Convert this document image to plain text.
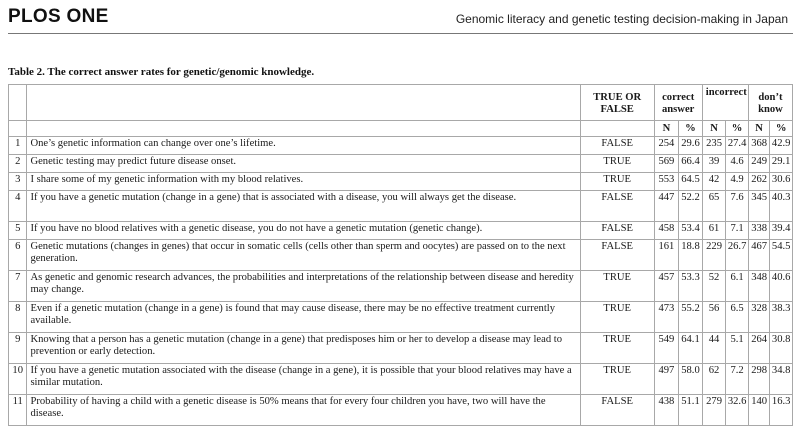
PLOS ONE	Genomic literacy and genetic testing decision-making in Japan
Table 2. The correct answer rates for genetic/genomic knowledge.
		TRUE OR FALSE	correct answer		incorrect		don’t know	
			N	%	N	%	N	%
1	One’s genetic information can change over one’s lifetime.	FALSE	254	29.6	235	27.4	368	42.9
2	Genetic testing may predict future disease onset.	TRUE	569	66.4	39	4.6	249	29.1
3	I share some of my genetic information with my blood relatives.	TRUE	553	64.5	42	4.9	262	30.6
4	If you have a genetic mutation (change in a gene) that is associated with a disease, you will always get the disease.	FALSE	447	52.2	65	7.6	345	40.3
5	If you have no blood relatives with a genetic disease, you do not have a genetic mutation (genetic change).	FALSE	458	53.4	61	7.1	338	39.4
6	Genetic mutations (changes in genes) that occur in somatic cells (cells other than sperm and oocytes) are passed on to the next generation.	FALSE	161	18.8	229	26.7	467	54.5
7	As genetic and genomic research advances, the probabilities and interpretations of the relationship between disease and heredity may change.	TRUE	457	53.3	52	6.1	348	40.6
8	Even if a genetic mutation (change in a gene) is found that may cause disease, there may be no effective treatment currently available.	TRUE	473	55.2	56	6.5	328	38.3
9	Knowing that a person has a genetic mutation (change in a gene) that predisposes him or her to develop a disease may lead to prevention or early detection.	TRUE	549	64.1	44	5.1	264	30.8
10	If you have a genetic mutation associated with the disease (change in a gene), it is possible that your blood relatives may have a similar mutation.	TRUE	497	58.0	62	7.2	298	34.8
11	Probability of having a child with a genetic disease is 50% means that for every four children you have, two will have the disease.	FALSE	438	51.1	279	32.6	140	16.3
